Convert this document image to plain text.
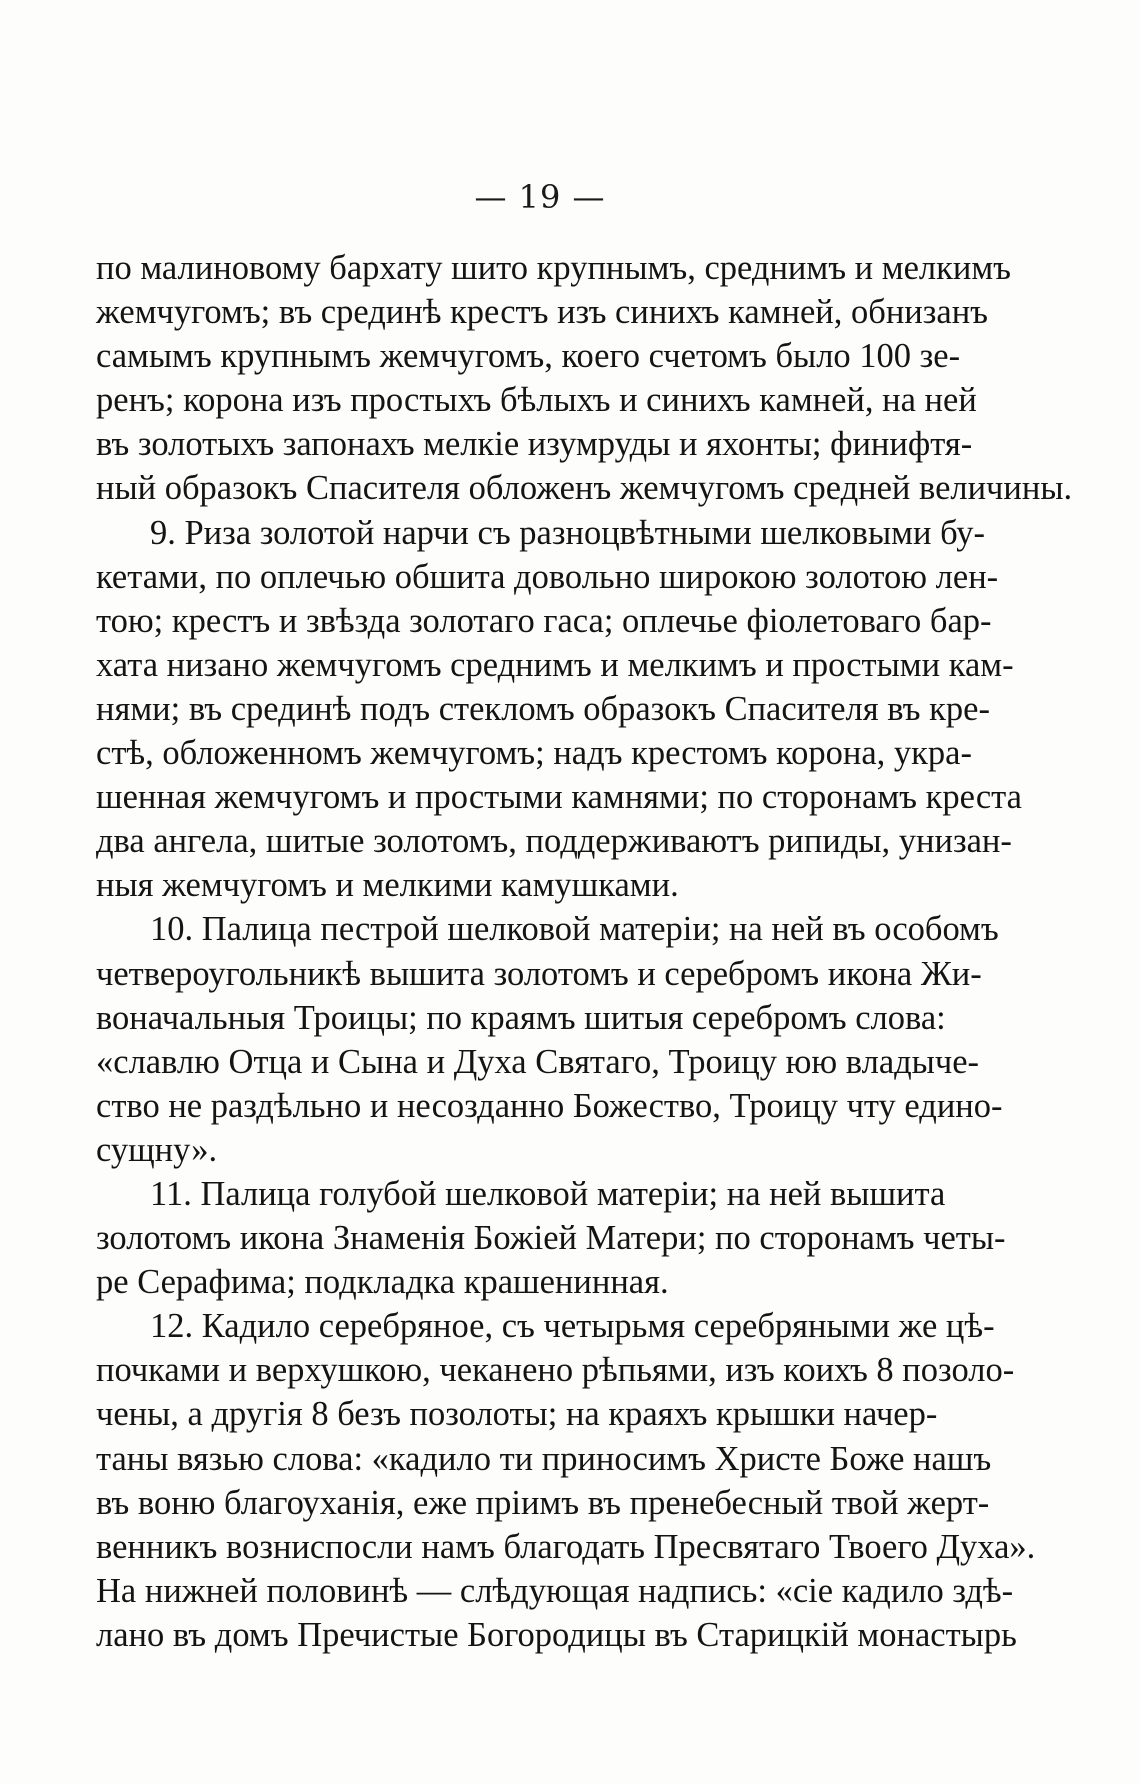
— 19 —
по малиновому бархату шито крупнымъ, среднимъ и мелкимъ
жемчугомъ; въ срединѣ крестъ изъ синихъ камней, обнизанъ
самымъ крупнымъ жемчугомъ, коего счетомъ было 100 зе-
ренъ; корона изъ простыхъ бѣлыхъ и синихъ камней, на ней
въ золотыхъ запонахъ мелкіе изумруды и яхонты; финифтя-
ный образокъ Спасителя обложенъ жемчугомъ средней величины.
9. Риза золотой нарчи съ разноцвѣтными шелковыми бу-
кетами, по оплечью обшита довольно широкою золотою лен-
тою; крестъ и звѣзда золотаго гаса; оплечье фіолетоваго бар-
хата низано жемчугомъ среднимъ и мелкимъ и простыми кам-
нями; въ срединѣ подъ стекломъ образокъ Спасителя въ кре-
стѣ, обложенномъ жемчугомъ; надъ крестомъ корона, укра-
шенная жемчугомъ и простыми камнями; по сторонамъ креста
два ангела, шитые золотомъ, поддерживаютъ рипиды, унизан-
ныя жемчугомъ и мелкими камушками.
10. Палица пестрой шелковой матеріи; на ней въ особомъ
четвероугольникѣ вышита золотомъ и серебромъ икона Жи-
воначальныя Троицы; по краямъ шитыя серебромъ слова:
«славлю Отца и Сына и Духа Святаго, Троицу юю владыче-
ство не раздѣльно и несозданно Божество, Троицу чту едино-
сущну».
11. Палица голубой шелковой матеріи; на ней вышита
золотомъ икона Знаменія Божіей Матери; по сторонамъ четы-
ре Серафима; подкладка крашенинная.
12. Кадило серебряное, съ четырьмя серебряными же цѣ-
почками и верхушкою, чеканено рѣпьями, изъ коихъ 8 позоло-
чены, а другія 8 безъ позолоты; на краяхъ крышки начер-
таны вязью слова: «кадило ти приносимъ Христе Боже нашъ
въ воню благоуханія, еже пріимъ въ пренебесный твой жерт-
венникъ возниспосли намъ благодать Пресвятаго Твоего Духа».
На нижней половинѣ — слѣдующая надпись: «сіе кадило здѣ-
лано въ домъ Пречистые Богородицы въ Старицкій монастырь
